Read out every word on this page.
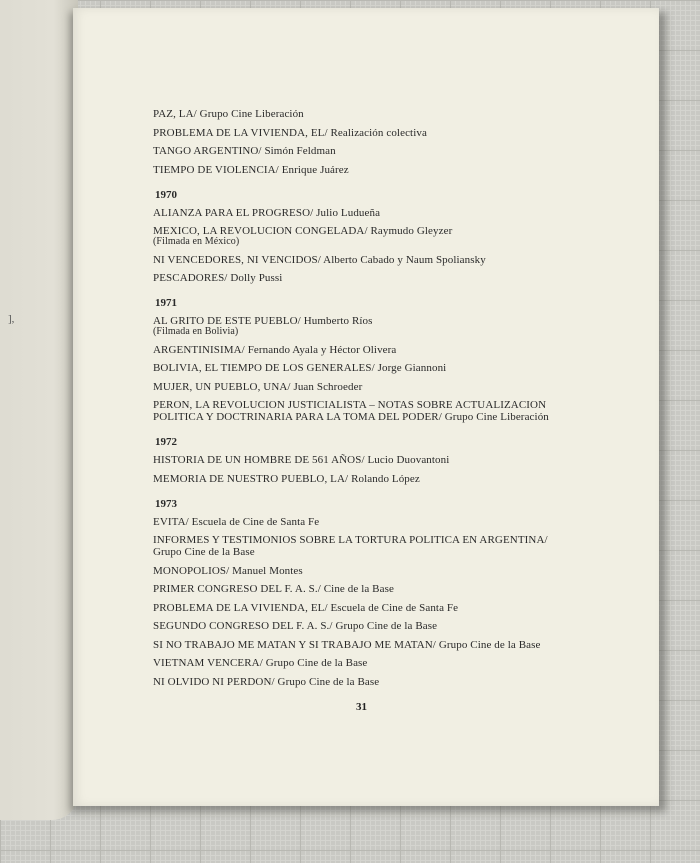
],
PAZ, LA/ Grupo Cine Liberación
PROBLEMA DE LA VIVIENDA, EL/ Realización colectiva
TANGO ARGENTINO/ Simón Feldman
TIEMPO DE VIOLENCIA/ Enrique Juárez
1970
ALIANZA PARA EL PROGRESO/ Julio Ludueña
MEXICO, LA REVOLUCION CONGELADA/ Raymudo Gleyzer
(Filmada en México)
NI VENCEDORES, NI VENCIDOS/ Alberto Cabado y Naum Spoliansky
PESCADORES/ Dolly Pussi
1971
AL GRITO DE ESTE PUEBLO/ Humberto Ríos
(Filmada en Bolivia)
ARGENTINISIMA/ Fernando Ayala y Héctor Olivera
BOLIVIA, EL TIEMPO DE LOS GENERALES/ Jorge Giannoni
MUJER, UN PUEBLO, UNA/ Juan Schroeder
PERON, LA REVOLUCION JUSTICIALISTA – NOTAS SOBRE ACTUALIZACION POLITICA Y DOCTRINARIA PARA LA TOMA DEL PODER/ Grupo Cine Liberación
1972
HISTORIA DE UN HOMBRE DE 561 AÑOS/ Lucio Duovantoni
MEMORIA DE NUESTRO PUEBLO, LA/ Rolando López
1973
EVITA/ Escuela de Cine de Santa Fe
INFORMES Y TESTIMONIOS SOBRE LA TORTURA POLITICA EN ARGENTINA/ Grupo Cine de la Base
MONOPOLIOS/ Manuel Montes
PRIMER CONGRESO DEL F. A. S./ Cine de la Base
PROBLEMA DE LA VIVIENDA, EL/ Escuela de Cine de Santa Fe
SEGUNDO CONGRESO DEL F. A. S./ Grupo Cine de la Base
SI NO TRABAJO ME MATAN Y SI TRABAJO ME MATAN/ Grupo Cine de la Base
VIETNAM VENCERA/ Grupo Cine de la Base
NI OLVIDO NI PERDON/ Grupo Cine de la Base
31
